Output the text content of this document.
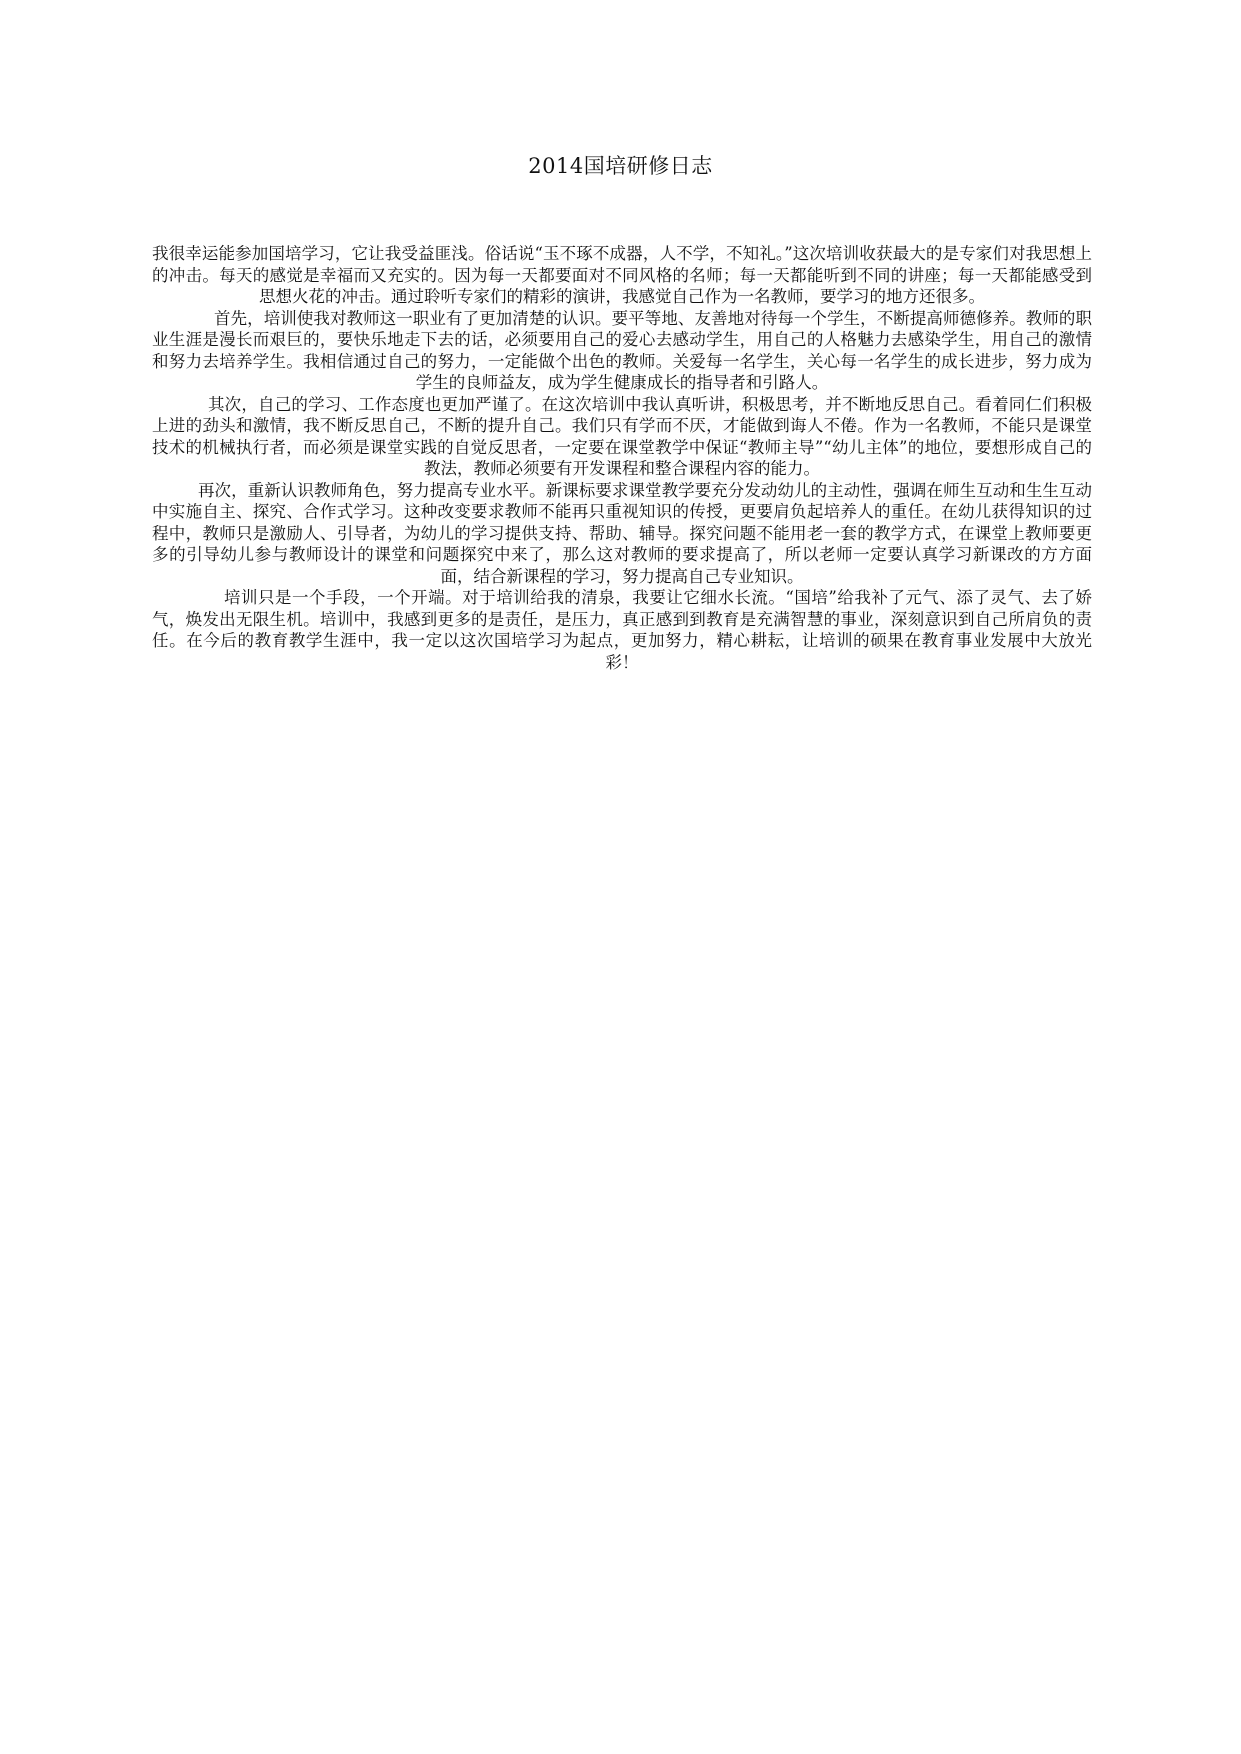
2014国培研修日志

我很幸运能参加国培学习，它让我受益匪浅。俗话说“玉不琢不成器，人不学，不知礼。”这次培训收获最大的是专家们对我思想上的冲击。每天的感觉是幸福而又充实的。因为每一天都要面对不同风格的名师；每一天都能听到不同的讲座；每一天都能感受到思想火花的冲击。通过聆听专家们的精彩的演讲，我感觉自己作为一名教师，要学习的地方还很多。

首先，培训使我对教师这一职业有了更加清楚的认识。要平等地、友善地对待每一个学生，不断提高师德修养。教师的职业生涯是漫长而艰巨的，要快乐地走下去的话，必须要用自己的爱心去感动学生，用自己的人格魅力去感染学生，用自己的激情和努力去培养学生。我相信通过自己的努力，一定能做个出色的教师。关爱每一名学生，关心每一名学生的成长进步，努力成为学生的良师益友，成为学生健康成长的指导者和引路人。

其次，自己的学习、工作态度也更加严谨了。在这次培训中我认真听讲，积极思考，并不断地反思自己。看着同仁们积极上进的劲头和激情，我不断反思自己，不断的提升自己。我们只有学而不厌，才能做到诲人不倦。作为一名教师，不能只是课堂技术的机械执行者，而必须是课堂实践的自觉反思者，一定要在课堂教学中保证“教师主导”“幼儿主体”的地位，要想形成自己的教法，教师必须要有开发课程和整合课程内容的能力。

再次，重新认识教师角色，努力提高专业水平。新课标要求课堂教学要充分发动幼儿的主动性，强调在师生互动和生生互动中实施自主、探究、合作式学习。这种改变要求教师不能再只重视知识的传授，更要肩负起培养人的重任。在幼儿获得知识的过程中，教师只是激励人、引导者，为幼儿的学习提供支持、帮助、辅导。探究问题不能用老一套的教学方式，在课堂上教师要更多的引导幼儿参与教师设计的课堂和问题探究中来了，那么这对教师的要求提高了，所以老师一定要认真学习新课改的方方面面，结合新课程的学习，努力提高自己专业知识。

培训只是一个手段，一个开端。对于培训给我的清泉，我要让它细水长流。“国培”给我补了元气、添了灵气、去了娇气，焕发出无限生机。培训中，我感到更多的是责任，是压力，真正感到到教育是充满智慧的事业，深刻意识到自己所肩负的责任。在今后的教育教学生涯中，我一定以这次国培学习为起点，更加努力，精心耕耘，让培训的硕果在教育事业发展中大放光彩！
